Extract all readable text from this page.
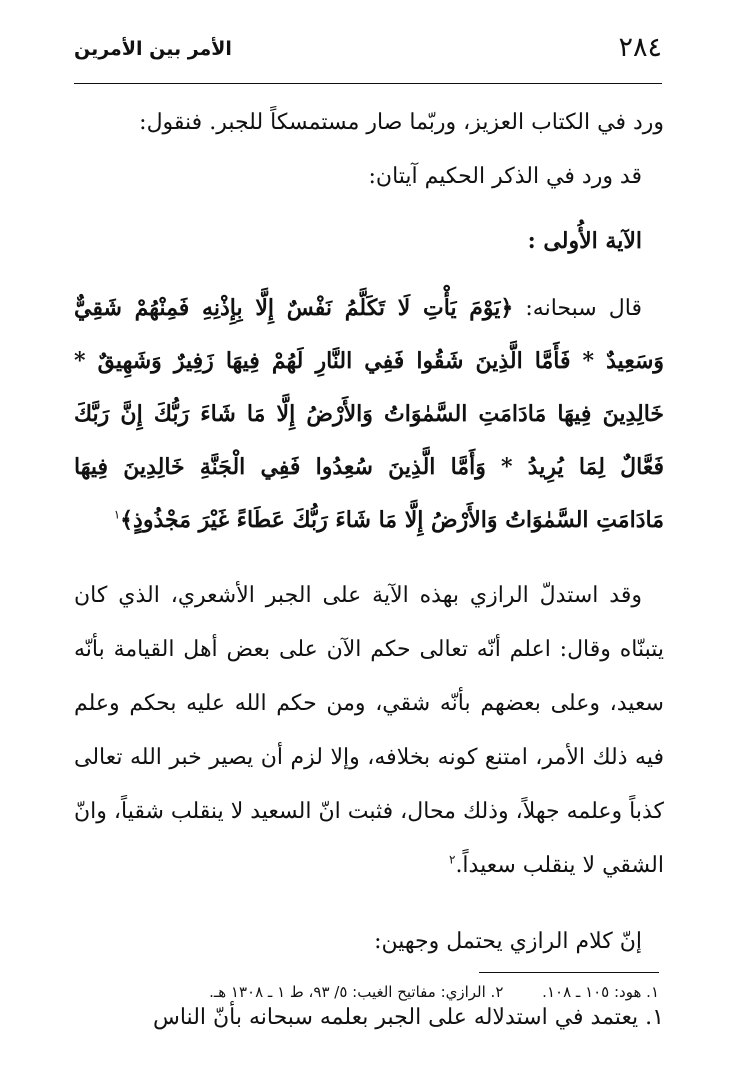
٢٨٤
الأمر بين الأمرين

ورد في الكتاب العزيز، وربّما صار مستمسكاً للجبر. فنقول:

قد ورد في الذكر الحكيم آيتان:

الآية الأُولى :

قال سبحانه: ﴿يَوْمَ يَأْتِ لَا تَكَلَّمُ نَفْسٌ إِلَّا بِإِذْنِهِ فَمِنْهُمْ شَقِيٌّ وَسَعِيدٌ * فَأَمَّا الَّذِينَ شَقُوا فَفِي النَّارِ لَهُمْ فِيهَا زَفِيرٌ وَشَهِيقٌ * خَالِدِينَ فِيهَا مَادَامَتِ السَّمٰوَاتُ وَالأَرْضُ إِلَّا مَا شَاءَ رَبُّكَ إِنَّ رَبَّكَ فَعَّالٌ لِمَا يُرِيدُ * وَأَمَّا الَّذِينَ سُعِدُوا فَفِي الْجَنَّةِ خَالِدِينَ فِيهَا مَادَامَتِ السَّمٰوَاتُ وَالأَرْضُ إِلَّا مَا شَاءَ رَبُّكَ عَطَاءً غَيْرَ مَجْذُوذٍ﴾$^١$

وقد استدلّ الرازي بهذه الآية على الجبر الأشعري، الذي كان يتبنّاه وقال: اعلم أنّه تعالى حكم الآن على بعض أهل القيامة بأنّه سعيد، وعلى بعضهم بأنّه شقي، ومن حكم الله عليه بحكم وعلم فيه ذلك الأمر، امتنع كونه بخلافه، وإلا لزم أن يصير خبر الله تعالى كذباً وعلمه جهلاً، وذلك محال، فثبت انّ السعيد لا ينقلب شقياً، وانّ الشقي لا ينقلب سعيداً.$^٢$

إنّ كلام الرازي يحتمل وجهين:

١. يعتمد في استدلاله على الجبر بعلمه سبحانه بأنّ الناس

١. هود: ١٠٥ ـ ١٠٨. ٢. الرازي: مفاتيح الغيب: ٥/ ٩٣، ط ١ ـ ١٣٠٨ هـ.
